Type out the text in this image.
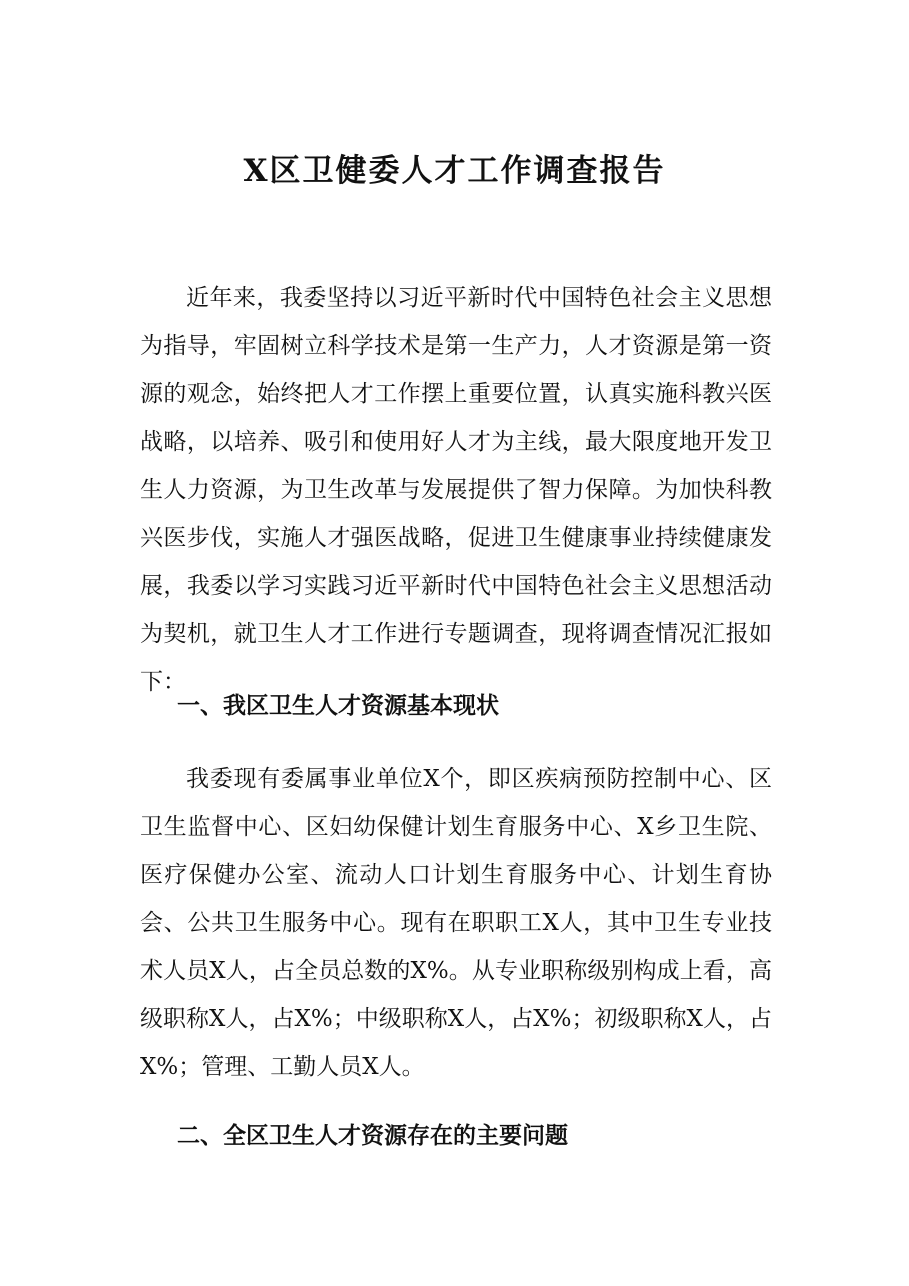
X区卫健委人才工作调查报告

近年来，我委坚持以习近平新时代中国特色社会主义思想为指导，牢固树立科学技术是第一生产力，人才资源是第一资源的观念，始终把人才工作摆上重要位置，认真实施科教兴医战略，以培养、吸引和使用好人才为主线，最大限度地开发卫生人力资源，为卫生改革与发展提供了智力保障。为加快科教兴医步伐，实施人才强医战略，促进卫生健康事业持续健康发展，我委以学习实践习近平新时代中国特色社会主义思想活动为契机，就卫生人才工作进行专题调查，现将调查情况汇报如下：

一、我区卫生人才资源基本现状

我委现有委属事业单位X个，即区疾病预防控制中心、区卫生监督中心、区妇幼保健计划生育服务中心、X乡卫生院、医疗保健办公室、流动人口计划生育服务中心、计划生育协会、公共卫生服务中心。现有在职职工X人，其中卫生专业技术人员X人，占全员总数的X%。从专业职称级别构成上看，高级职称X人，占X%；中级职称X人，占X%；初级职称X人，占X%；管理、工勤人员X人。

二、全区卫生人才资源存在的主要问题
